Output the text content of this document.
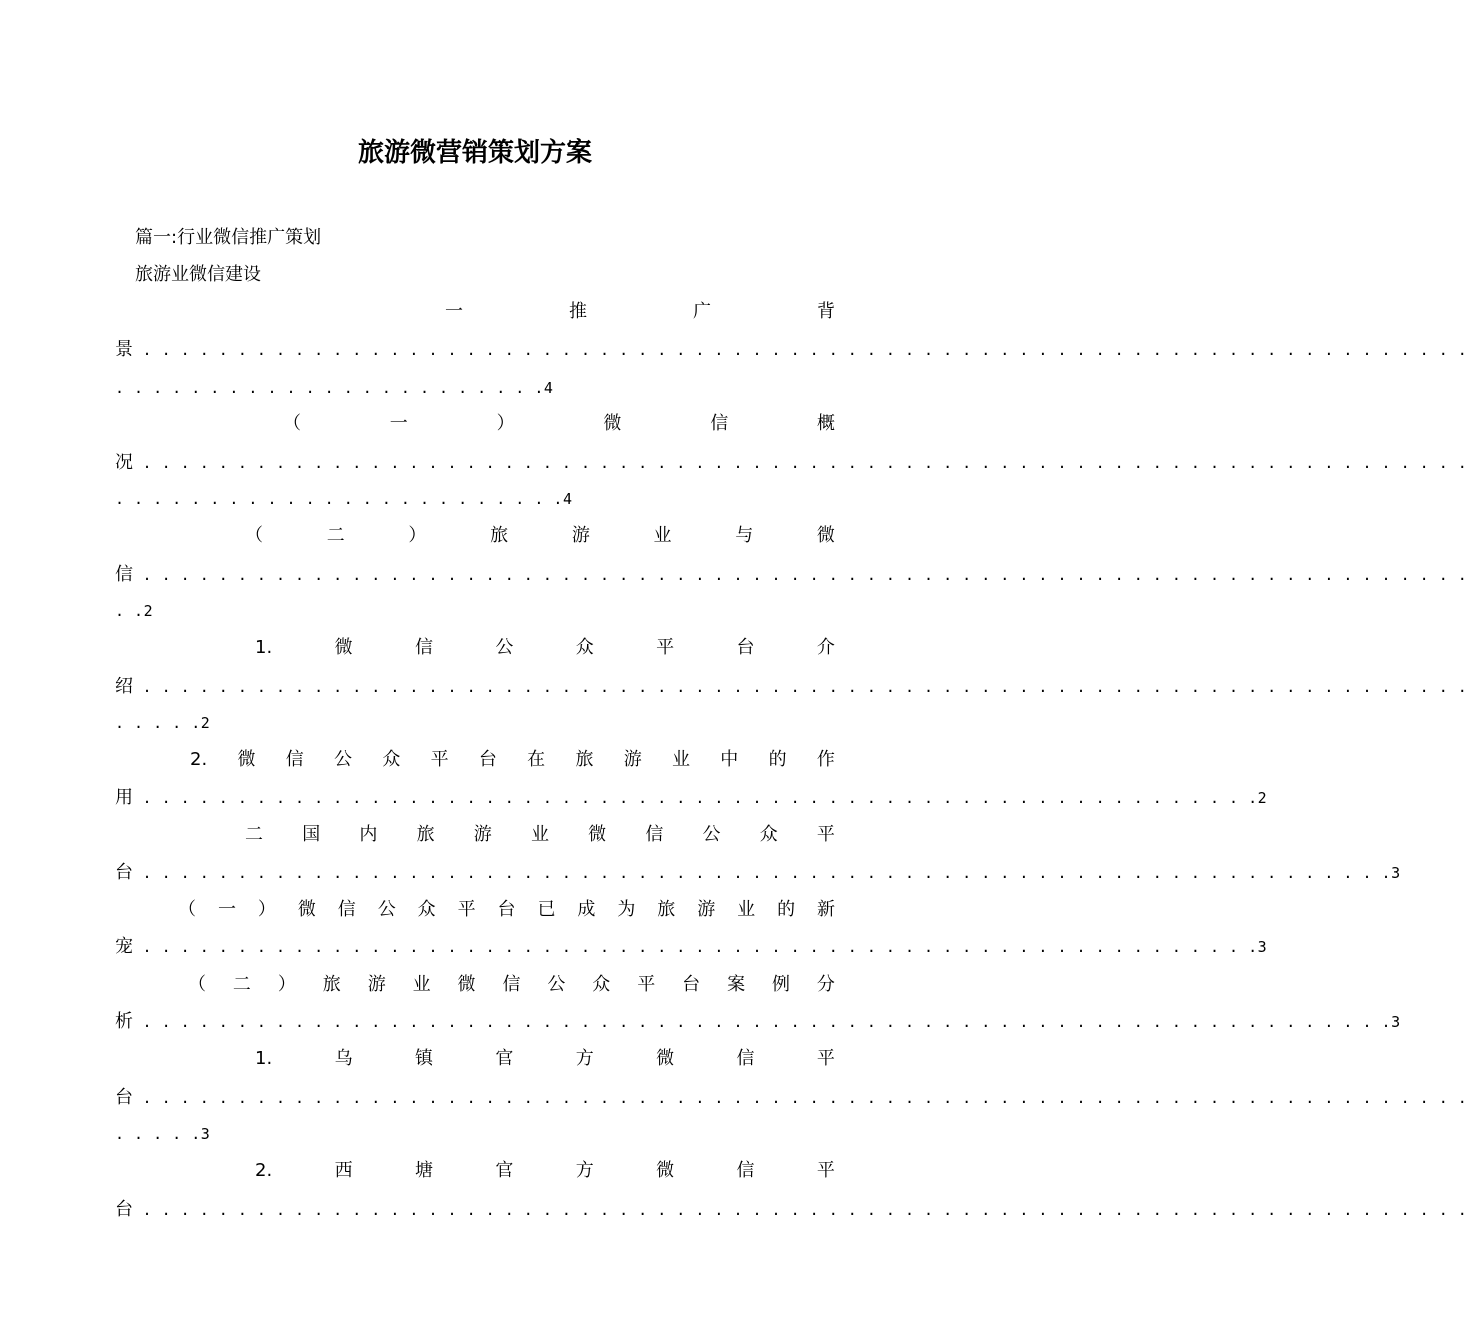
旅游微营销策划方案
篇一:行业微信推广策划
旅游业微信建设
一	推	广	背
景 . . . . . . . . . . . . . . . . . . . . . . . . . . . . . . . . . . . . . . . . . . . . . . . . . . . . . . . . . . . . . . . . . . . . . .
. . . . . . . . . . . . . . . . . . . . . . .4
（	一	）	微	信	概
况 . . . . . . . . . . . . . . . . . . . . . . . . . . . . . . . . . . . . . . . . . . . . . . . . . . . . . . . . . . . . . . . . . . . . . .
. . . . . . . . . . . . . . . . . . . . . . . .4
（	二	）	旅	游	业	与	微
信 . . . . . . . . . . . . . . . . . . . . . . . . . . . . . . . . . . . . . . . . . . . . . . . . . . . . . . . . . . . . . . . . . . . . . .
. .2
1.	微	信	公	众	平	台	介
绍 . . . . . . . . . . . . . . . . . . . . . . . . . . . . . . . . . . . . . . . . . . . . . . . . . . . . . . . . . . . . . . . . . . . . . .
. . . . .2
2. 微 信 公 众 平 台 在 旅 游 业 中 的 作
用 . . . . . . . . . . . . . . . . . . . . . . . . . . . . . . . . . . . . . . . . . . . . . . . . . . . . . . . . . . .2
二 国 内 旅 游 业 微 信 公 众 平
台 . . . . . . . . . . . . . . . . . . . . . . . . . . . . . . . . . . . . . . . . . . . . . . . . . . . . . . . . . . . . . . . . . .3
（ 一 ） 微 信 公 众 平 台 已 成 为 旅 游 业 的 新
宠 . . . . . . . . . . . . . . . . . . . . . . . . . . . . . . . . . . . . . . . . . . . . . . . . . . . . . . . . . . .3
（ 二 ） 旅 游 业 微 信 公 众 平 台 案 例 分
析 . . . . . . . . . . . . . . . . . . . . . . . . . . . . . . . . . . . . . . . . . . . . . . . . . . . . . . . . . . . . . . . . . .3
1.	乌	镇	官	方	微	信	平
台 . . . . . . . . . . . . . . . . . . . . . . . . . . . . . . . . . . . . . . . . . . . . . . . . . . . . . . . . . . . . . . . . . . . . . .
. . . . .3
2.	西	塘	官	方	微	信	平
台 . . . . . . . . . . . . . . . . . . . . . . . . . . . . . . . . . . . . . . . . . . . . . . . . . . . . . . . . . . . . . . . . . . . . . .
